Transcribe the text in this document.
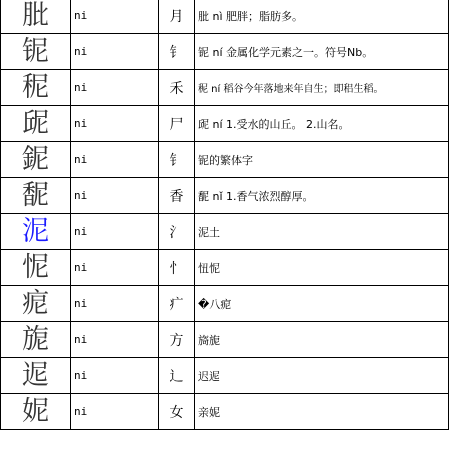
肶	ni	月	肶 nì 肥胖；脂肪多。
铌	ni	钅	铌 ní 金属化学元素之一。符号Nb。
秜	ni	禾	秜 ní 稻谷今年落地来年自生；即稆生稻。
屔	ni	尸	屔 ní 1.受水的山丘。 2.山名。
鈮	ni	钅	铌的繁体字
馜	ni	香	馜 nǐ 1.香气浓烈醇厚。
泥	ni	氵	泥土
怩	ni	忄	忸怩
痆	ni	疒	�八痆
旎	ni	方	旖旎
迡	ni	辶	迟迡
妮	ni	女	亲妮
